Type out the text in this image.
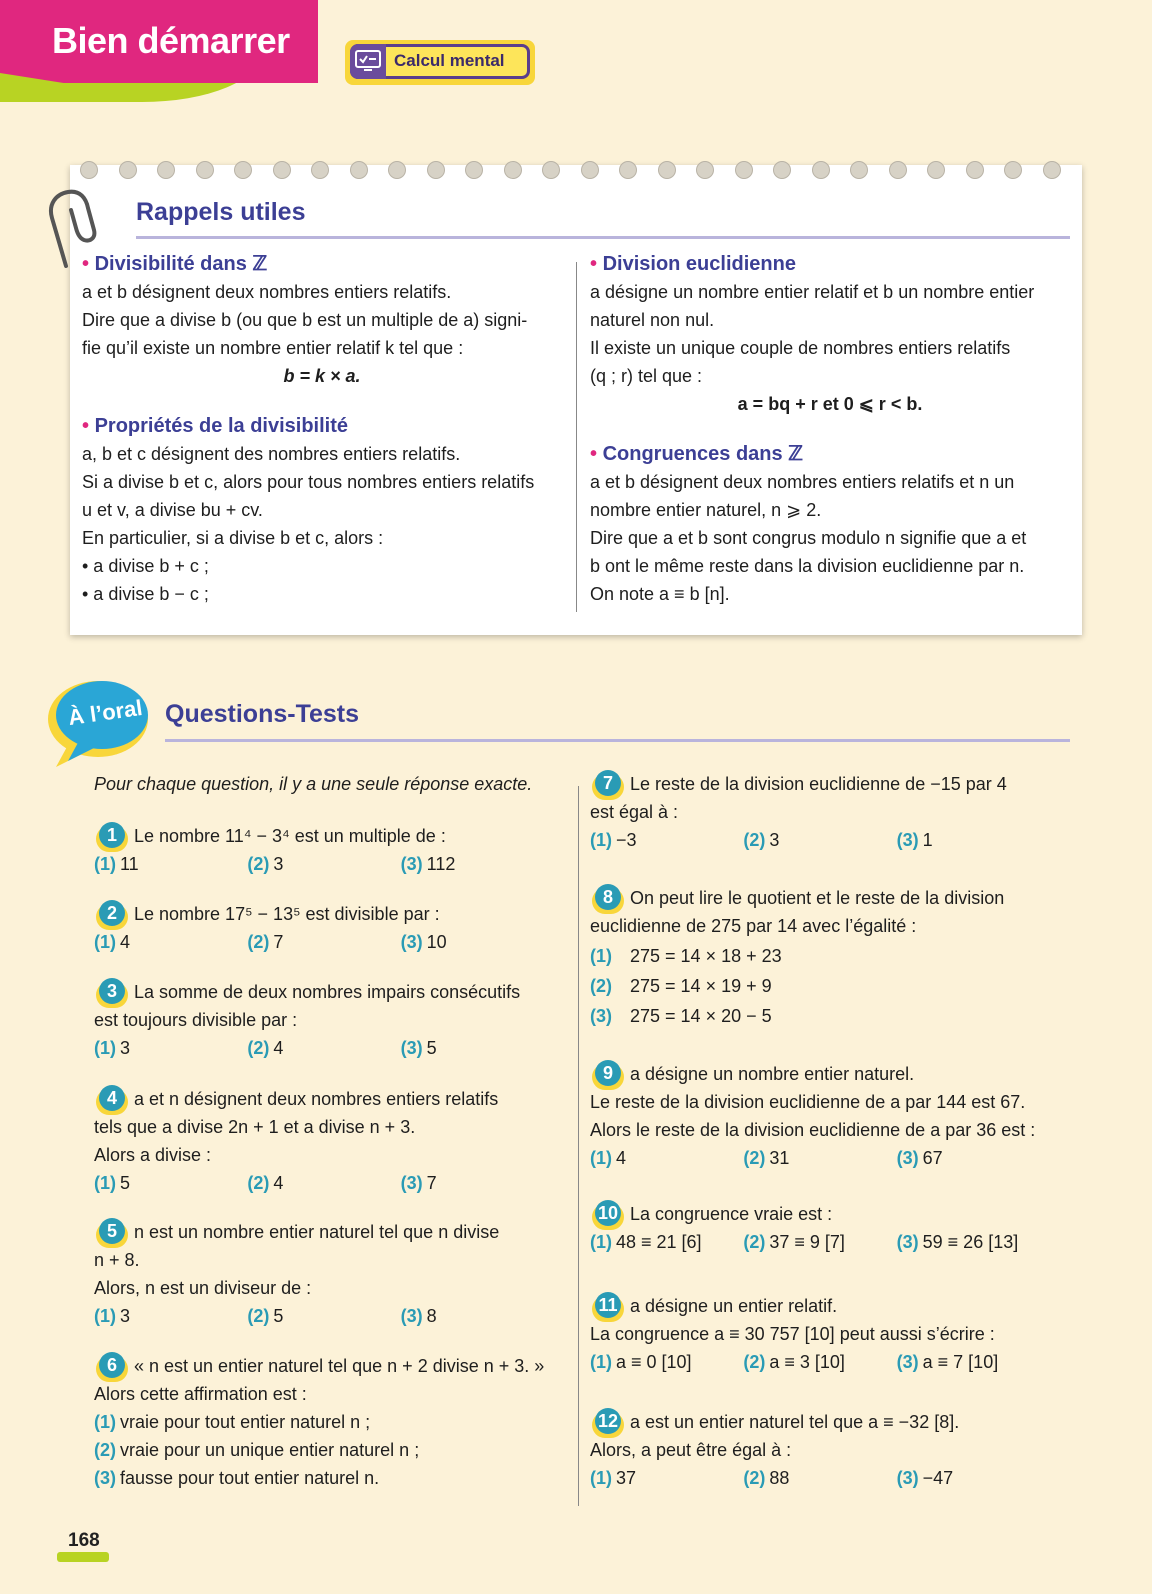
Bien démarrer	Calcul mental
Rappels utiles
• Divisibilité dans ℤ
a et b désignent deux nombres entiers relatifs.
Dire que a divise b (ou que b est un multiple de a) signi-
fie qu’il existe un nombre entier relatif k tel que :
b = k × a.
• Propriétés de la divisibilité
a, b et c désignent des nombres entiers relatifs.
Si a divise b et c, alors pour tous nombres entiers relatifs
u et v, a divise bu + cv.
En particulier, si a divise b et c, alors :
• a divise b + c ;
• a divise b − c ;
• Division euclidienne
a désigne un nombre entier relatif et b un nombre entier
naturel non nul.
Il existe un unique couple de nombres entiers relatifs
(q ; r) tel que :
a = bq + r et 0 ⩽ r < b.
• Congruences dans ℤ
a et b désignent deux nombres entiers relatifs et n un
nombre entier naturel, n ⩾ 2.
Dire que a et b sont congrus modulo n signifie que a et
b ont le même reste dans la division euclidienne par n.
On note a ≡ b [n].
À l’oral Questions-Tests
Pour chaque question, il y a une seule réponse exacte.
1 Le nombre 11⁴ − 3⁴ est un multiple de :
(1) 11	(2) 3	(3) 112
2 Le nombre 17⁵ − 13⁵ est divisible par :
(1) 4	(2) 7	(3) 10
3 La somme de deux nombres impairs consécutifs
est toujours divisible par :
(1) 3	(2) 4	(3) 5
4 a et n désignent deux nombres entiers relatifs
tels que a divise 2n + 1 et a divise n + 3.
Alors a divise :
(1) 5	(2) 4	(3) 7
5 n est un nombre entier naturel tel que n divise
n + 8.
Alors, n est un diviseur de :
(1) 3	(2) 5	(3) 8
6 « n est un entier naturel tel que n + 2 divise n + 3. »
Alors cette affirmation est :
(1) vraie pour tout entier naturel n ;
(2) vraie pour un unique entier naturel n ;
(3) fausse pour tout entier naturel n.
7 Le reste de la division euclidienne de −15 par 4
est égal à :
(1) −3	(2) 3	(3) 1
8 On peut lire le quotient et le reste de la division
euclidienne de 275 par 14 avec l’égalité :
(1) 275 = 14 × 18 + 23
(2) 275 = 14 × 19 + 9
(3) 275 = 14 × 20 − 5
9 a désigne un nombre entier naturel.
Le reste de la division euclidienne de a par 144 est 67.
Alors le reste de la division euclidienne de a par 36 est :
(1) 4	(2) 31	(3) 67
10 La congruence vraie est :
(1) 48 ≡ 21 [6]	(2) 37 ≡ 9 [7]	(3) 59 ≡ 26 [13]
11 a désigne un entier relatif.
La congruence a ≡ 30 757 [10] peut aussi s’écrire :
(1) a ≡ 0 [10]	(2) a ≡ 3 [10]	(3) a ≡ 7 [10]
12 a est un entier naturel tel que a ≡ −32 [8].
Alors, a peut être égal à :
(1) 37	(2) 88	(3) −47
168
